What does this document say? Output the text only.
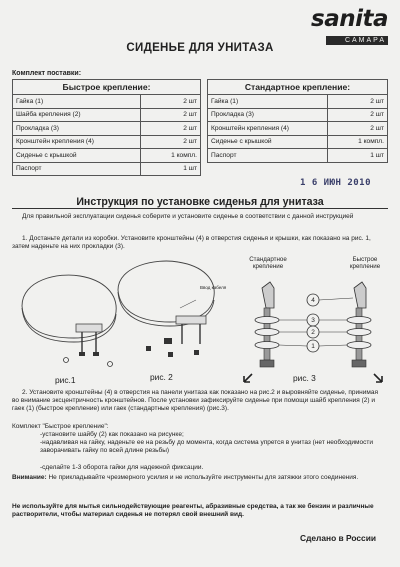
sanita
САМАРА
СИДЕНЬЕ ДЛЯ УНИТАЗА
Комплект поставки:
Быстрое крепление:	
Гайка (1)	2 шт
Шайба крепления (2)	2 шт
Прокладка (3)	2 шт
Кронштейн крепления (4)	2 шт
Сиденье с крышкой	1 компл.
Паспорт	1 шт
Стандартное крепление:	
Гайка (1)	2 шт
Прокладка (3)	2 шт
Кронштейн крепления (4)	2 шт
Сиденье с крышкой	1 компл.
Паспорт	1 шт
1 6 ИЮН 2010
Инструкция по установке сиденья для унитаза
Для правильной эксплуатации сиденья соберите и установите сиденье в соответствии с данной инструкцией
1. Достаньте детали из коробки. Установите кронштейны (4) в отверстия сиденья и крышки, как показано на рис. 1, затем наденьте на них прокладки (3).
рис.1
Ввод кабеля
рис. 2
Стандартное крепление
Быстрое крепление
4
3
2
1
рис. 3
2. Установите кронштейны (4) в отверстия на панели унитаза как показано на рис.2 и выровняйте сиденье, принимая во внимание эксцентричность кронштейнов. После установки зафиксируйте сиденье при помощи шайб крепления (2) и гаек (1) (быстрое крепление) или гаек (стандартные крепления) (рис.3).
Комплект "Быстрое крепление":
-установите шайбу (2) как показано на рисунке;
-надавливая на гайку, наденьте ее на резьбу до момента, когда система упрется в унитаз (нет необходимости заворачивать гайку по всей длине резьбы)
-сделайте 1-3 оборота гайки для надежной фиксации.
Внимание: Не прикладывайте чрезмерного усилия и не используйте инструменты для затяжки этого соединения.
Не используйте для мытья сильнодействующие реагенты, абразивные средства, а так же бензин и различные растворители, чтобы материал сиденья не потерял свой внешний вид.
Сделано в России
